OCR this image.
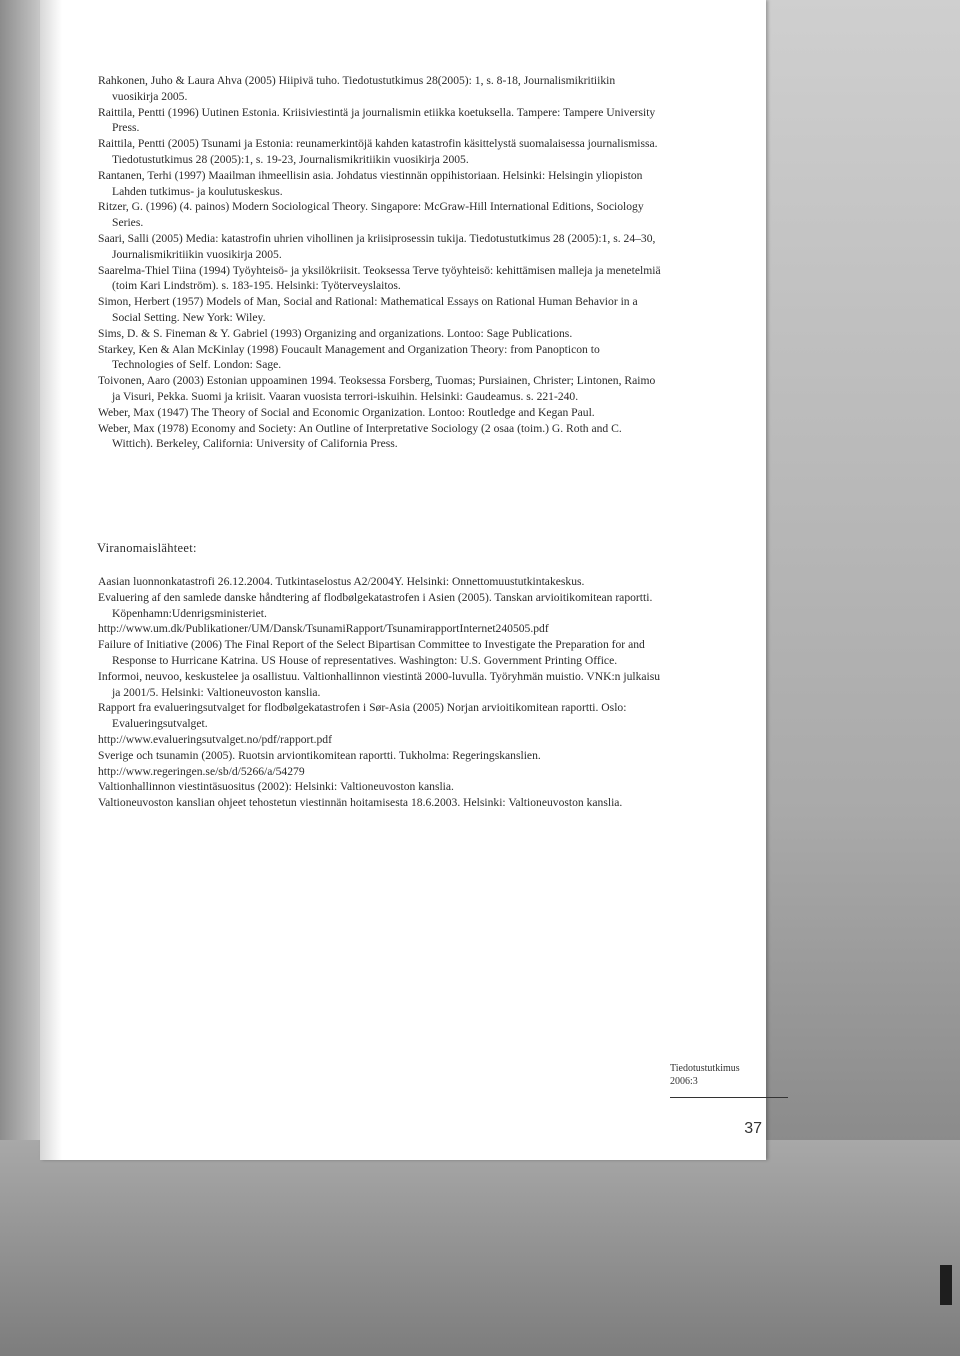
Rahkonen, Juho & Laura Ahva (2005) Hiipivä tuho. Tiedotustutkimus 28(2005): 1, s. 8-18, Journalismikritiikin vuosikirja 2005.
Raittila, Pentti (1996) Uutinen Estonia. Kriisiviestintä ja journalismin etiikka koetuksella. Tampere: Tampere University Press.
Raittila, Pentti (2005) Tsunami ja Estonia: reunamerkintöjä kahden katastrofin käsittelystä suomalaisessa journalismissa. Tiedotustutkimus 28 (2005):1, s. 19-23, Journalismikritiikin vuosikirja 2005.
Rantanen, Terhi (1997) Maailman ihmeellisin asia. Johdatus viestinnän oppihistoriaan. Helsinki: Helsingin yliopiston Lahden tutkimus- ja koulutuskeskus.
Ritzer, G. (1996) (4. painos) Modern Sociological Theory. Singapore: McGraw-Hill International Editions, Sociology Series.
Saari, Salli (2005) Media: katastrofin uhrien vihollinen ja kriisiprosessin tukija. Tiedotustutkimus 28 (2005):1, s. 24–30, Journalismikritiikin vuosikirja 2005.
Saarelma-Thiel Tiina (1994) Työyhteisö- ja yksilökriisit. Teoksessa Terve työyhteisö: kehittämisen malleja ja menetelmiä (toim Kari Lindström). s. 183-195. Helsinki: Työterveyslaitos.
Simon, Herbert (1957) Models of Man, Social and Rational: Mathematical Essays on Rational Human Behavior in a Social Setting. New York: Wiley.
Sims, D. & S. Fineman & Y. Gabriel (1993) Organizing and organizations. Lontoo: Sage Publications.
Starkey, Ken & Alan McKinlay (1998) Foucault Management and Organization Theory: from Panopticon to Technologies of Self. London: Sage.
Toivonen, Aaro (2003) Estonian uppoaminen 1994. Teoksessa Forsberg, Tuomas; Pursiainen, Christer; Lintonen, Raimo ja Visuri, Pekka. Suomi ja kriisit. Vaaran vuosista terrori-iskuihin. Helsinki: Gaudeamus. s. 221-240.
Weber, Max (1947) The Theory of Social and Economic Organization. Lontoo: Routledge and Kegan Paul.
Weber, Max (1978) Economy and Society: An Outline of Interpretative Sociology (2 osaa (toim.) G. Roth and C. Wittich). Berkeley, California: University of California Press.
Viranomaislähteet:
Aasian luonnonkatastrofi 26.12.2004. Tutkintaselostus A2/2004Y. Helsinki: Onnettomuustutkintakeskus.
Evaluering af den samlede danske håndtering af flodbølgekatastrofen i Asien (2005). Tanskan arvioitikomitean raportti. Köpenhamn:Udenrigsministeriet.
http://www.um.dk/Publikationer/UM/Dansk/TsunamiRapport/TsunamirapportInternet240505.pdf
Failure of Initiative (2006) The Final Report of the Select Bipartisan Committee to Investigate the Preparation for and Response to Hurricane Katrina. US House of representatives. Washington: U.S. Government Printing Office.
Informoi, neuvoo, keskustelee ja osallistuu. Valtionhallinnon viestintä 2000-luvulla. Työryhmän muistio. VNK:n julkaisu ja 2001/5. Helsinki: Valtioneuvoston kanslia.
Rapport fra evalueringsutvalget for flodbølgekatastrofen i Sør-Asia (2005) Norjan arvioitikomitean raportti. Oslo: Evalueringsutvalget.
http://www.evalueringsutvalget.no/pdf/rapport.pdf
Sverige och tsunamin (2005). Ruotsin arviontikomitean raportti. Tukholma: Regeringskanslien.
http://www.regeringen.se/sb/d/5266/a/54279
Valtionhallinnon viestintäsuositus (2002): Helsinki: Valtioneuvoston kanslia.
Valtioneuvoston kanslian ohjeet tehostetun viestinnän hoitamisesta 18.6.2003. Helsinki: Valtioneuvoston kanslia.
Tiedotustutkimus
2006:3
37
